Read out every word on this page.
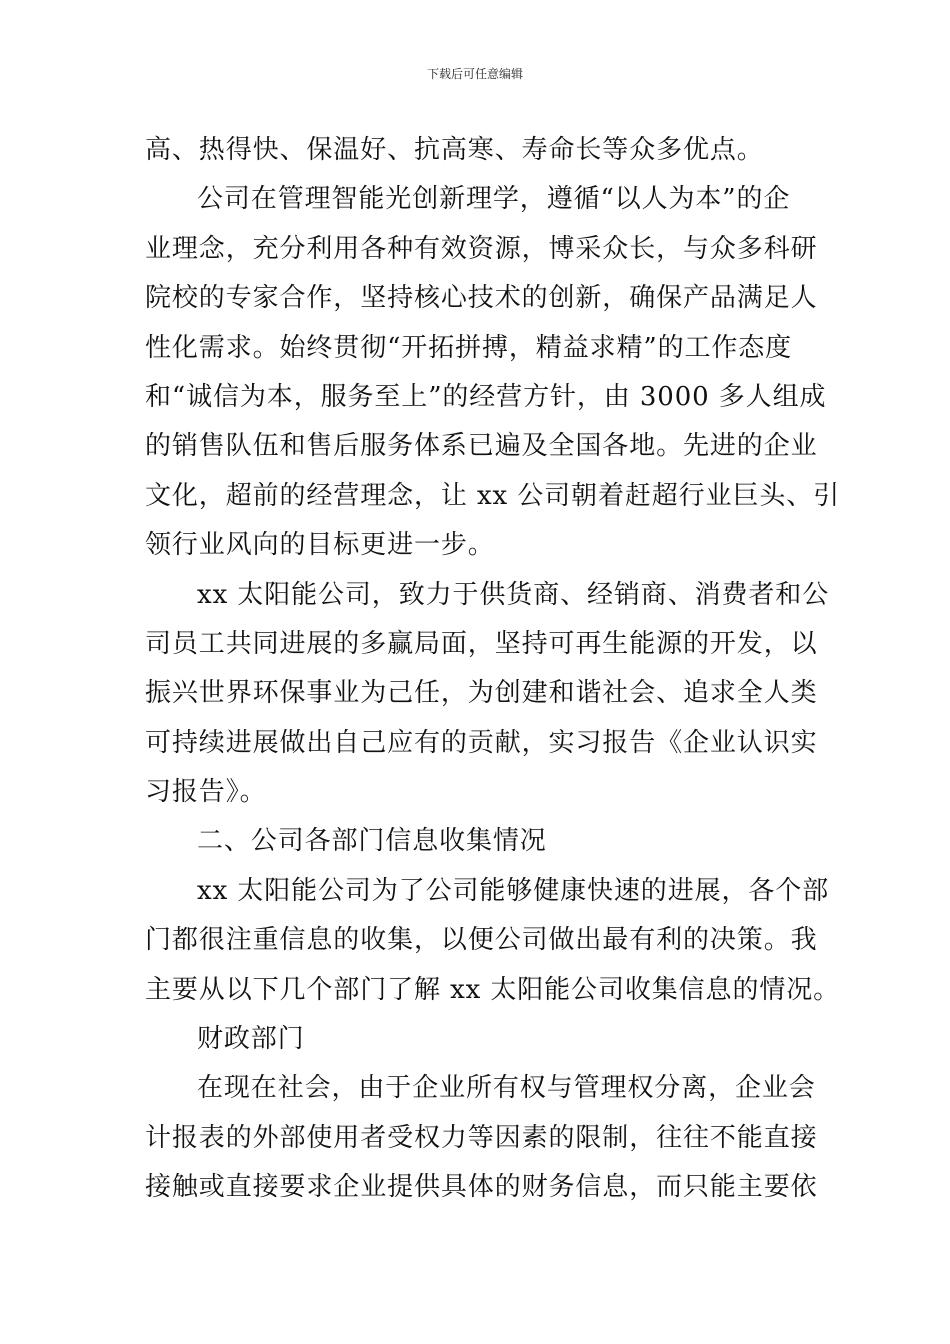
下载后可任意编辑
高、热得快、保温好、抗高寒、寿命长等众多优点。
公司在管理智能光创新理学，遵循“以人为本”的企
业理念，充分利用各种有效资源，博采众长，与众多科研
院校的专家合作，坚持核心技术的创新，确保产品满足人
性化需求。始终贯彻“开拓拼搏，精益求精”的工作态度
和“诚信为本，服务至上”的经营方针，由 3000 多人组成
的销售队伍和售后服务体系已遍及全国各地。先进的企业
文化，超前的经营理念，让 xx 公司朝着赶超行业巨头、引
领行业风向的目标更进一步。
xx 太阳能公司，致力于供货商、经销商、消费者和公
司员工共同进展的多赢局面，坚持可再生能源的开发，以
振兴世界环保事业为己任，为创建和谐社会、追求全人类
可持续进展做出自己应有的贡献，实习报告《企业认识实
习报告》。
二、公司各部门信息收集情况
xx 太阳能公司为了公司能够健康快速的进展，各个部
门都很注重信息的收集，以便公司做出最有利的决策。我
主要从以下几个部门了解 xx 太阳能公司收集信息的情况。
财政部门
在现在社会，由于企业所有权与管理权分离，企业会
计报表的外部使用者受权力等因素的限制，往往不能直接
接触或直接要求企业提供具体的财务信息，而只能主要依
